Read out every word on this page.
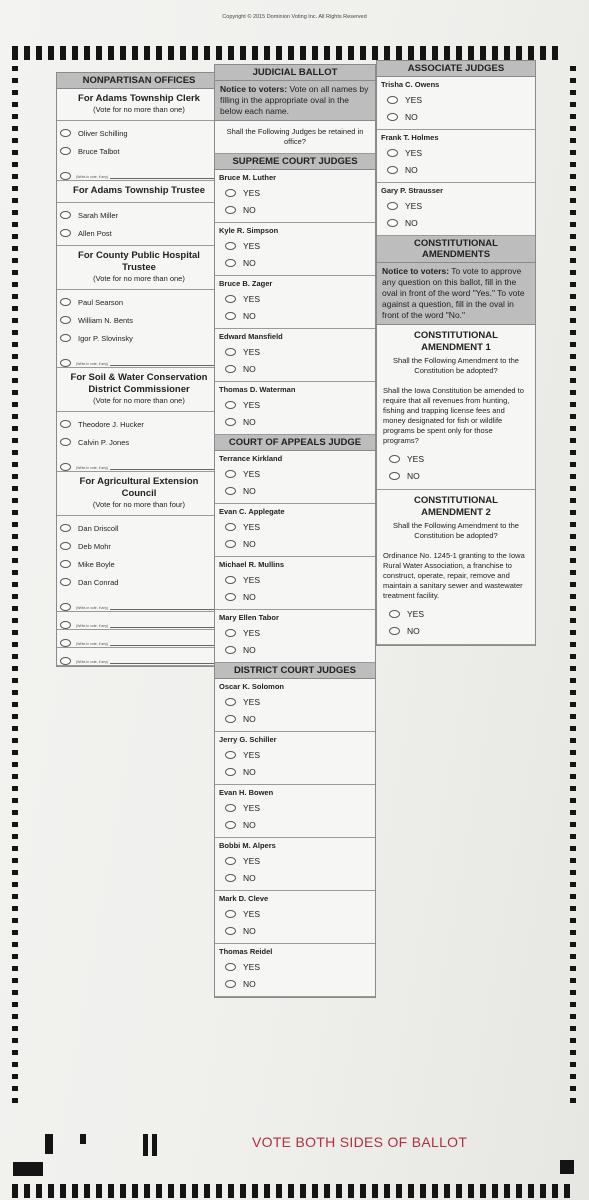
Copyright © 2015 Dominion Voting Inc. All Rights Reserved
NONPARTISAN OFFICES
For Adams Township Clerk
(Vote for no more than one)
Oliver Schilling
Bruce Talbot
(Write-in vote, if any)
For Adams Township Trustee
Sarah Miller
Allen Post
For County Public Hospital Trustee
(Vote for no more than one)
Paul Searson
William N. Bents
Igor P. Slovinsky
(Write-in vote, if any)
For Soil & Water Conservation District Commissioner
(Vote for no more than one)
Theodore J. Hucker
Calvin P. Jones
(Write-in vote, if any)
For Agricultural Extension Council
(Vote for no more than four)
Dan Driscoll
Deb Mohr
Mike Boyle
Dan Conrad
(Write-in vote, if any)
(Write-in vote, if any)
(Write-in vote, if any)
(Write-in vote, if any)
JUDICIAL BALLOT
Notice to voters: Vote on all names by filling in the appropriate oval in the below each name.
Shall the Following Judges be retained in office?
SUPREME COURT JUDGES
Bruce M. Luther
YES
NO
Kyle R. Simpson
YES
NO
Bruce B. Zager
YES
NO
Edward Mansfield
YES
NO
Thomas D. Waterman
YES
NO
COURT OF APPEALS JUDGE
Terrance Kirkland
YES
NO
Evan C. Applegate
YES
NO
Michael R. Mullins
YES
NO
Mary Ellen Tabor
YES
NO
DISTRICT COURT JUDGES
Oscar K. Solomon
YES
NO
Jerry G. Schiller
YES
NO
Evan H. Bowen
YES
NO
Bobbi M. Alpers
YES
NO
Mark D. Cleve
YES
NO
Thomas Reidel
YES
NO
ASSOCIATE JUDGES
Trisha C. Owens
YES
NO
Frank T. Holmes
YES
NO
Gary P. Strausser
YES
NO
CONSTITUTIONAL AMENDMENTS
Notice to voters: To vote to approve any question on this ballot, fill in the oval in front of the word "Yes." To vote against a question, fill in the oval in front of the word "No."
CONSTITUTIONAL AMENDMENT 1
Shall the Following Amendment to the Constitution be adopted?
Shall the Iowa Constitution be amended to require that all revenues from hunting, fishing and trapping license fees and money designated for fish or wildlife programs be spent only for those programs?
YES
NO
CONSTITUTIONAL AMENDMENT 2
Shall the Following Amendment to the Constitution be adopted?
Ordinance No. 1245-1 granting to the Iowa Rural Water Association, a franchise to construct, operate, repair, remove and maintain a sanitary sewer and wastewater treatment facility.
YES
NO
VOTE BOTH SIDES OF BALLOT
